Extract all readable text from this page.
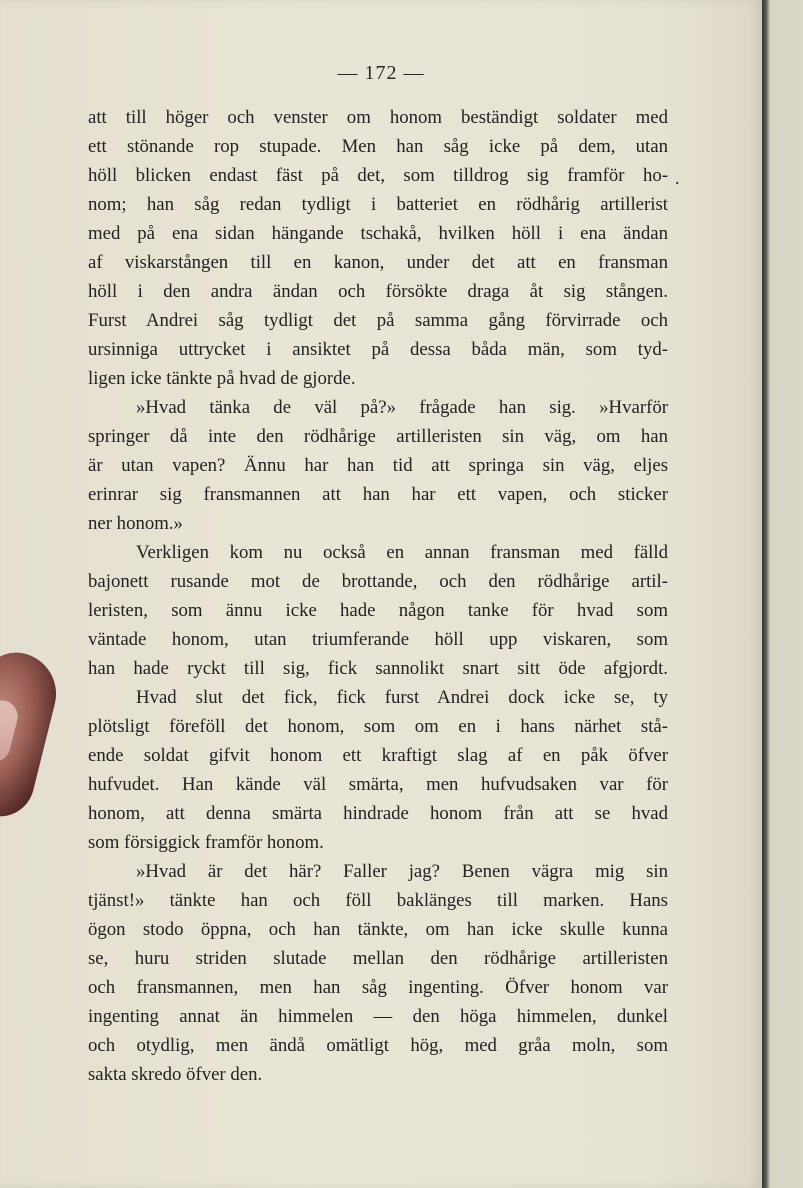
— 172 —
att till höger och venster om honom beständigt soldater med
ett stönande rop stupade. Men han såg icke på dem, utan
höll blicken endast fäst på det, som tilldrog sig framför ho-
nom; han såg redan tydligt i batteriet en rödhårig artillerist
med på ena sidan hängande tschakå, hvilken höll i ena ändan
af viskarstången till en kanon, under det att en fransman
höll i den andra ändan och försökte draga åt sig stången.
Furst Andrei såg tydligt det på samma gång förvirrade och
ursinniga uttrycket i ansiktet på dessa båda män, som tyd-
ligen icke tänkte på hvad de gjorde.
»Hvad tänka de väl på?» frågade han sig. »Hvarför
springer då inte den rödhårige artilleristen sin väg, om han
är utan vapen? Ännu har han tid att springa sin väg, eljes
erinrar sig fransmannen att han har ett vapen, och sticker
ner honom.»
Verkligen kom nu också en annan fransman med fälld
bajonett rusande mot de brottande, och den rödhårige artil-
leristen, som ännu icke hade någon tanke för hvad som
väntade honom, utan triumferande höll upp viskaren, som
han hade ryckt till sig, fick sannolikt snart sitt öde afgjordt.
Hvad slut det fick, fick furst Andrei dock icke se, ty
plötsligt föreföll det honom, som om en i hans närhet stå-
ende soldat gifvit honom ett kraftigt slag af en påk öfver
hufvudet. Han kände väl smärta, men hufvudsaken var för
honom, att denna smärta hindrade honom från att se hvad
som försiggick framför honom.
»Hvad är det här? Faller jag? Benen vägra mig sin
tjänst!» tänkte han och föll baklänges till marken. Hans
ögon stodo öppna, och han tänkte, om han icke skulle kunna
se, huru striden slutade mellan den rödhårige artilleristen
och fransmannen, men han såg ingenting. Öfver honom var
ingenting annat än himmelen — den höga himmelen, dunkel
och otydlig, men ändå omätligt hög, med gråa moln, som
sakta skredo öfver den.
.
